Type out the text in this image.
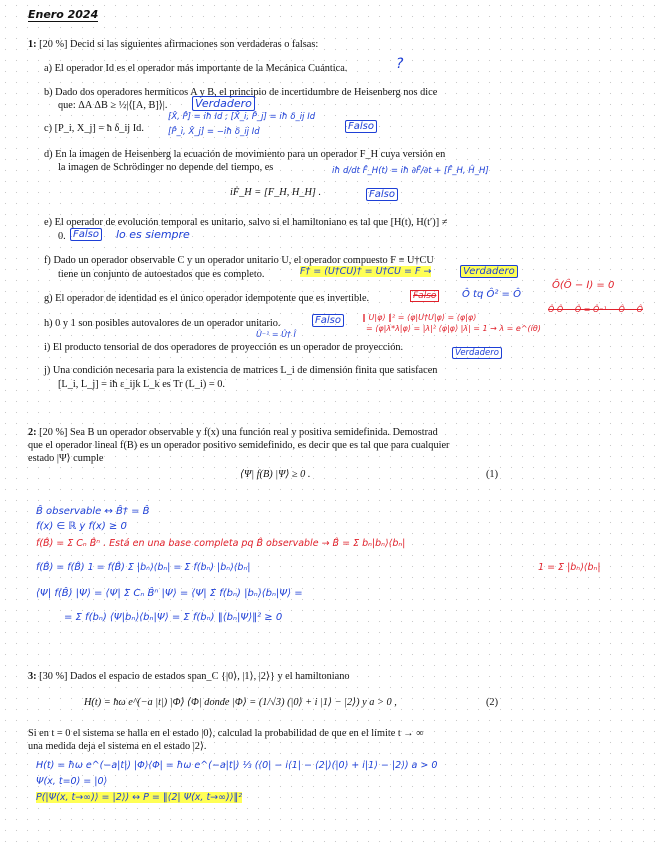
Enero 2024
1: [20 %] Decid si las siguientes afirmaciones son verdaderas o falsas:
a) El operador Id es el operador más importante de la Mecánica Cuántica.	?
b) Dado dos operadores hermíticos A y B, el principio de incertidumbre de Heisenberg nos dice
que: ΔA ΔB ≥ ½|⟨[A, B]⟩|.	Verdadero
c) [P_i, X_j] = ħ δ_ij Id.
[X̂, P̂] = iħ Id ; [X̂_i, P̂_j] = iħ δ_ij Id
[P̂_i, X̂_j] = −iħ δ_ij Id	Falso
d) En la imagen de Heisenberg la ecuación de movimiento para un operador F_H cuya versión en
la imagen de Schrödinger no depende del tiempo, es
iḞ_H = [F_H, H_H] .
iħ d/dt F̂_H(t) = iħ ∂F̂/∂t + [F̂_H, Ĥ_H]
Falso
e) El operador de evolución temporal es unitario, salvo si el hamiltoniano es tal que [H(t), H(t′)] ≠
0. Falso lo es siempre
f) Dado un operador observable C y un operador unitario U, el operador compuesto F ≡ U†CU
tiene un conjunto de autoestados que es completo.	F† = (U†CU)† = U†CU = F →	Verdadero
g) El operador de identidad es el único operador idempotente que es invertible.	Falso	Ô tq Ô² = Ô
Ô(Ô − I) = 0
Ô Ô − Ô = Ô⁻¹ − Ô − Ô
h) 0 y 1 son posibles autovalores de un operador unitario.	Falso	‖ U|φ⟩ ‖² = ⟨φ|U†U|φ⟩ = ⟨φ|φ⟩
Û⁻¹ = Û† Î
= ⟨φ|λ*λ|φ⟩ = |λ|² ⟨φ|φ⟩ |λ| = 1 → λ = e^(iθ)
i) El producto tensorial de dos operadores de proyección es un operador de proyección.	Verdadero
j) Una condición necesaria para la existencia de matrices L_i de dimensión finita que satisfacen
[L_i, L_j] = iħ ε_ijk L_k es Tr (L_i) = 0.
2: [20 %] Sea B un operador observable y f(x) una función real y positiva semidefinida. Demostrad
que el operador lineal f(B) es un operador positivo semidefinido, es decir que es tal que para cualquier
estado |Ψ⟩ cumple
⟨Ψ| f(B) |Ψ⟩ ≥ 0 .	(1)
B̂ observable ↔ B̂† = B̂
f(x) ∈ ℝ y f(x) ≥ 0
f(B̂) = Σ Cₙ B̂ⁿ . Está en una base completa pq B̂ observable → B̂ = Σ bₙ|bₙ⟩⟨bₙ|
f(B̂) = f(B̂) 1 = f(B̂) Σ |bₙ⟩⟨bₙ| = Σ f(bₙ) |bₙ⟩⟨bₙ|	1 = Σ |bₙ⟩⟨bₙ|
⟨Ψ| f(B̂) |Ψ⟩ = ⟨Ψ| Σ Cₙ B̂ⁿ |Ψ⟩ = ⟨Ψ| Σ f(bₙ) |bₙ⟩⟨bₙ|Ψ⟩ =
= Σ f(bₙ) ⟨Ψ|bₙ⟩⟨bₙ|Ψ⟩ = Σ f(bₙ) ‖⟨bₙ|Ψ⟩‖² ≥ 0
3: [30 %] Dados el espacio de estados span_C {|0⟩, |1⟩, |2⟩} y el hamiltoniano
H(t) = ħω e^(−a |t|) |Φ⟩ ⟨Φ| donde |Φ⟩ = (1/√3) (|0⟩ + i |1⟩ − |2⟩) y a > 0 ,	(2)
Si en t = 0 el sistema se halla en el estado |0⟩, calculad la probabilidad de que en el límite t → ∞
una medida deja el sistema en el estado |2⟩.
H(t) = ħω e^(−a|t|) |Φ⟩⟨Φ| = ħω e^(−a|t|) ⅓ (⟨0| − i⟨1| − ⟨2|)(|0⟩ + i|1⟩ − |2⟩) a > 0
Ψ(x, t=0) = |0⟩
P(|Ψ(x, t→∞)⟩ = |2⟩) ↔ P = ‖⟨2| Ψ(x, t→∞)⟩‖²
